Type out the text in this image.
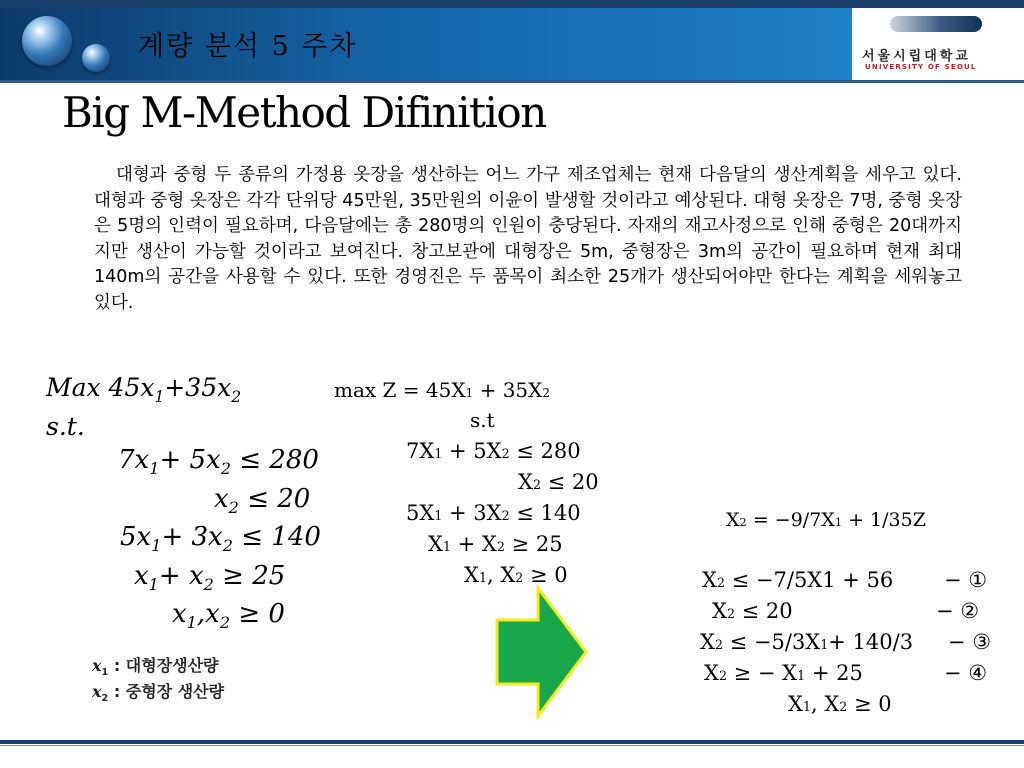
계량 분석 5 주차	서울시립대학교
UNIVERSITY OF SEOUL
Big M-Method Difinition
대형과 중형 두 종류의 가정용 옷장을 생산하는 어느 가구 제조업체는 현재 다음달의 생산계획을 세우고 있다. 대형과 중형 옷장은 각각 단위당 45만원, 35만원의 이윤이 발생할 것이라고 예상된다. 대형 옷장은 7명, 중형 옷장은 5명의 인력이 필요하며, 다음달에는 총 280명의 인원이 충당된다. 자재의 재고사정으로 인해 중형은 20대까지지만 생산이 가능할 것이라고 보여진다. 창고보관에 대형장은 5m, 중형장은 3m의 공간이 필요하며 현재 최대 140m의 공간을 사용할 수 있다. 또한 경영진은 두 품목이 최소한 25개가 생산되어야만 한다는 계획을 세워놓고 있다.
Max $45x_1+35x_2$
s.t.
$7x_1+ 5x_2 \le 280$
$x_2 \le 20$
$5x_1+ 3x_2 \le 140$
$x_1+ x_2 \ge 25$
$x_1,x_2 \ge 0$
$x_1$ : 대형장생산량
$x_2$ : 중형장 생산량
max Z = 45X1 + 35X2
s.t
7X1 + 5X2 ≤ 280
X2 ≤ 20
5X1 + 3X2 ≤ 140
X1 + X2 ≥ 25
X1, X2 ≥ 0
X2 = −9/7X1 + 1/35Z
X2 ≤ −7/5X1 + 56 − ①
X2 ≤ 20	− ②
X2 ≤ −5/3X1+ 140/3 − ③
X2 ≥ − X1 + 25	− ④
X1, X2 ≥ 0
